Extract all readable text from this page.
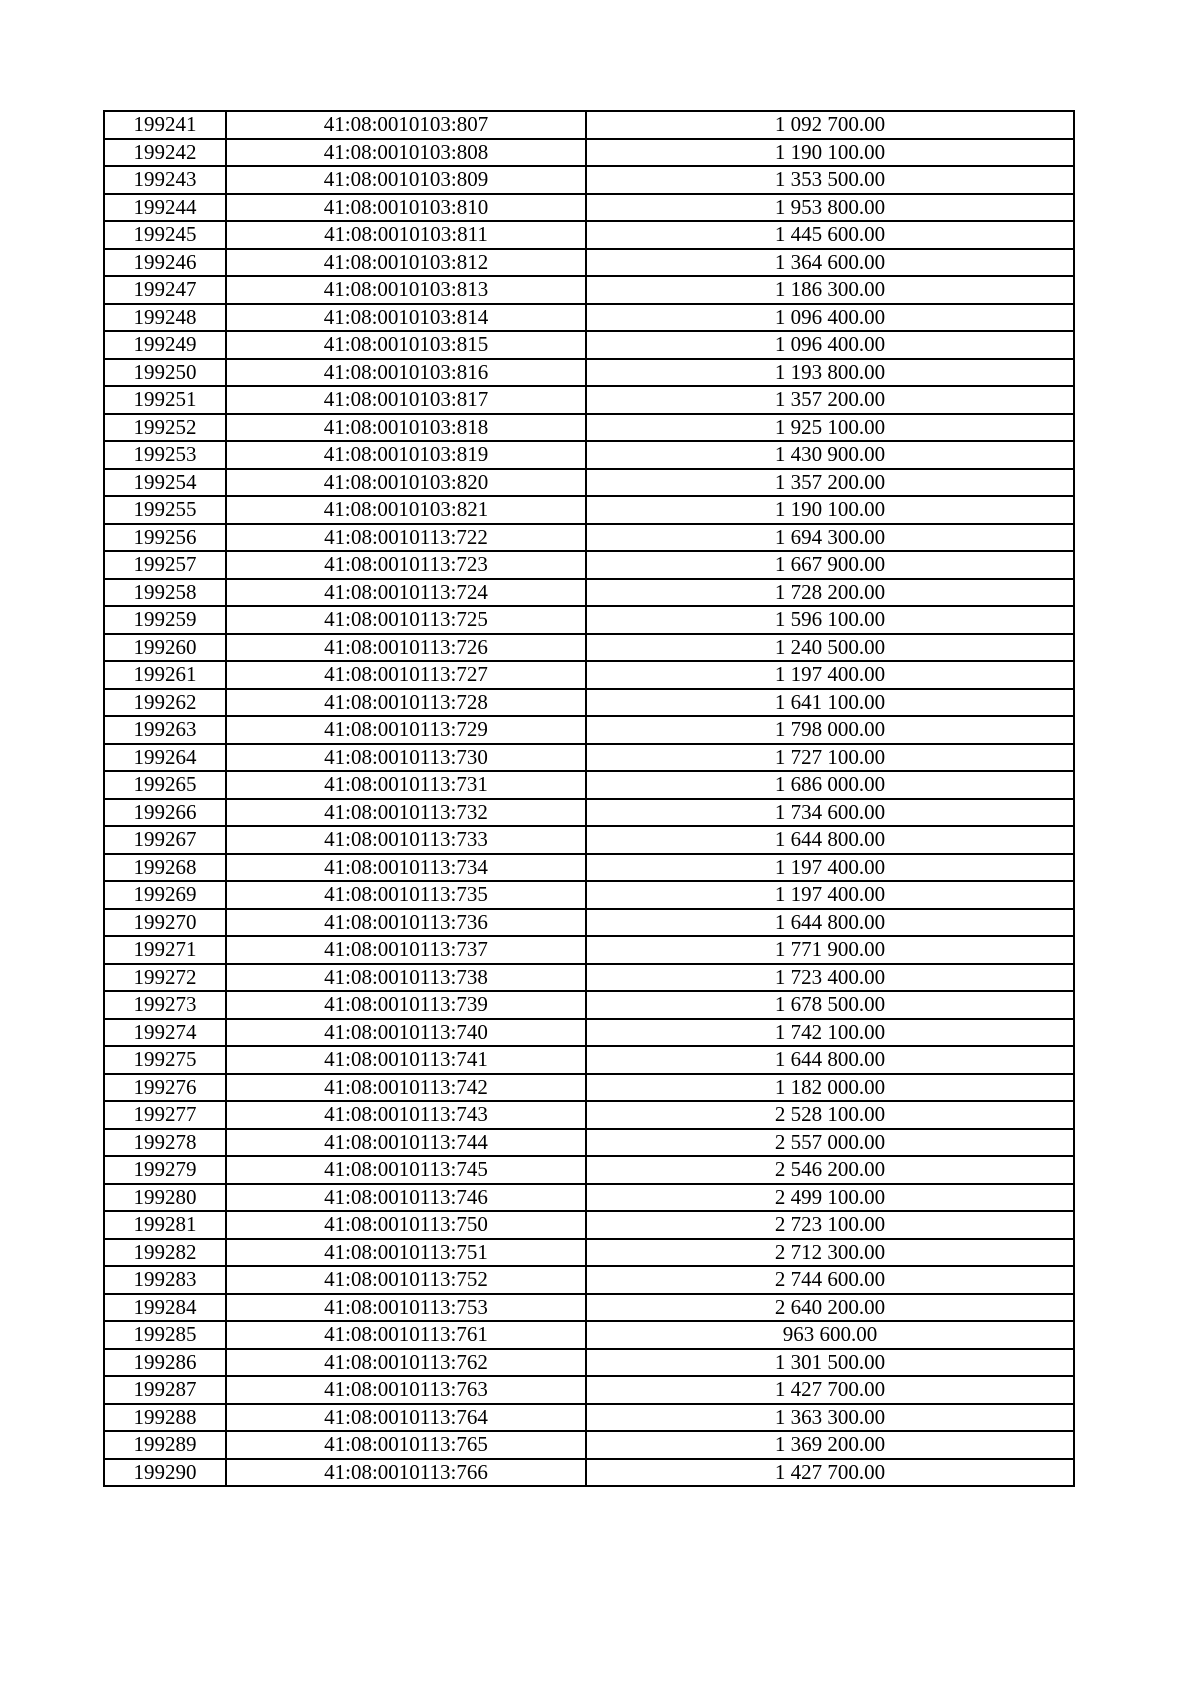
199241	41:08:0010103:807	1 092 700.00
199242	41:08:0010103:808	1 190 100.00
199243	41:08:0010103:809	1 353 500.00
199244	41:08:0010103:810	1 953 800.00
199245	41:08:0010103:811	1 445 600.00
199246	41:08:0010103:812	1 364 600.00
199247	41:08:0010103:813	1 186 300.00
199248	41:08:0010103:814	1 096 400.00
199249	41:08:0010103:815	1 096 400.00
199250	41:08:0010103:816	1 193 800.00
199251	41:08:0010103:817	1 357 200.00
199252	41:08:0010103:818	1 925 100.00
199253	41:08:0010103:819	1 430 900.00
199254	41:08:0010103:820	1 357 200.00
199255	41:08:0010103:821	1 190 100.00
199256	41:08:0010113:722	1 694 300.00
199257	41:08:0010113:723	1 667 900.00
199258	41:08:0010113:724	1 728 200.00
199259	41:08:0010113:725	1 596 100.00
199260	41:08:0010113:726	1 240 500.00
199261	41:08:0010113:727	1 197 400.00
199262	41:08:0010113:728	1 641 100.00
199263	41:08:0010113:729	1 798 000.00
199264	41:08:0010113:730	1 727 100.00
199265	41:08:0010113:731	1 686 000.00
199266	41:08:0010113:732	1 734 600.00
199267	41:08:0010113:733	1 644 800.00
199268	41:08:0010113:734	1 197 400.00
199269	41:08:0010113:735	1 197 400.00
199270	41:08:0010113:736	1 644 800.00
199271	41:08:0010113:737	1 771 900.00
199272	41:08:0010113:738	1 723 400.00
199273	41:08:0010113:739	1 678 500.00
199274	41:08:0010113:740	1 742 100.00
199275	41:08:0010113:741	1 644 800.00
199276	41:08:0010113:742	1 182 000.00
199277	41:08:0010113:743	2 528 100.00
199278	41:08:0010113:744	2 557 000.00
199279	41:08:0010113:745	2 546 200.00
199280	41:08:0010113:746	2 499 100.00
199281	41:08:0010113:750	2 723 100.00
199282	41:08:0010113:751	2 712 300.00
199283	41:08:0010113:752	2 744 600.00
199284	41:08:0010113:753	2 640 200.00
199285	41:08:0010113:761	963 600.00
199286	41:08:0010113:762	1 301 500.00
199287	41:08:0010113:763	1 427 700.00
199288	41:08:0010113:764	1 363 300.00
199289	41:08:0010113:765	1 369 200.00
199290	41:08:0010113:766	1 427 700.00
